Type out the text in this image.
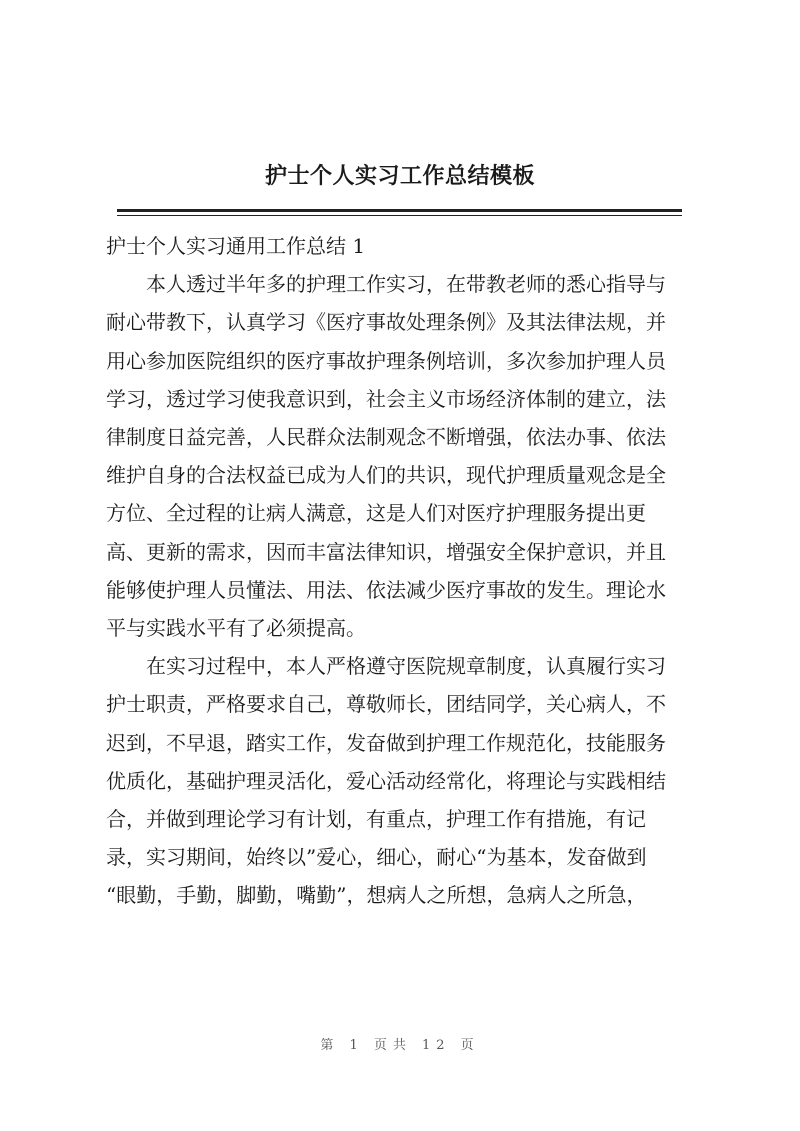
护士个人实习工作总结模板

护士个人实习通用工作总结 1

本人透过半年多的护理工作实习，在带教老师的悉心指导与
耐心带教下，认真学习《医疗事故处理条例》及其法律法规，并
用心参加医院组织的医疗事故护理条例培训，多次参加护理人员
学习，透过学习使我意识到，社会主义市场经济体制的建立，法
律制度日益完善，人民群众法制观念不断增强，依法办事、依法
维护自身的合法权益已成为人们的共识，现代护理质量观念是全
方位、全过程的让病人满意，这是人们对医疗护理服务提出更
高、更新的需求，因而丰富法律知识，增强安全保护意识，并且
能够使护理人员懂法、用法、依法减少医疗事故的发生。理论水
平与实践水平有了必须提高。

在实习过程中，本人严格遵守医院规章制度，认真履行实习
护士职责，严格要求自己，尊敬师长，团结同学，关心病人，不
迟到，不早退，踏实工作，发奋做到护理工作规范化，技能服务
优质化，基础护理灵活化，爱心活动经常化，将理论与实践相结
合，并做到理论学习有计划，有重点，护理工作有措施，有记
录，实习期间，始终以”爱心，细心，耐心“为基本，发奋做到
“眼勤，手勤，脚勤，嘴勤”，想病人之所想，急病人之所急，

第 1 页共 12 页
